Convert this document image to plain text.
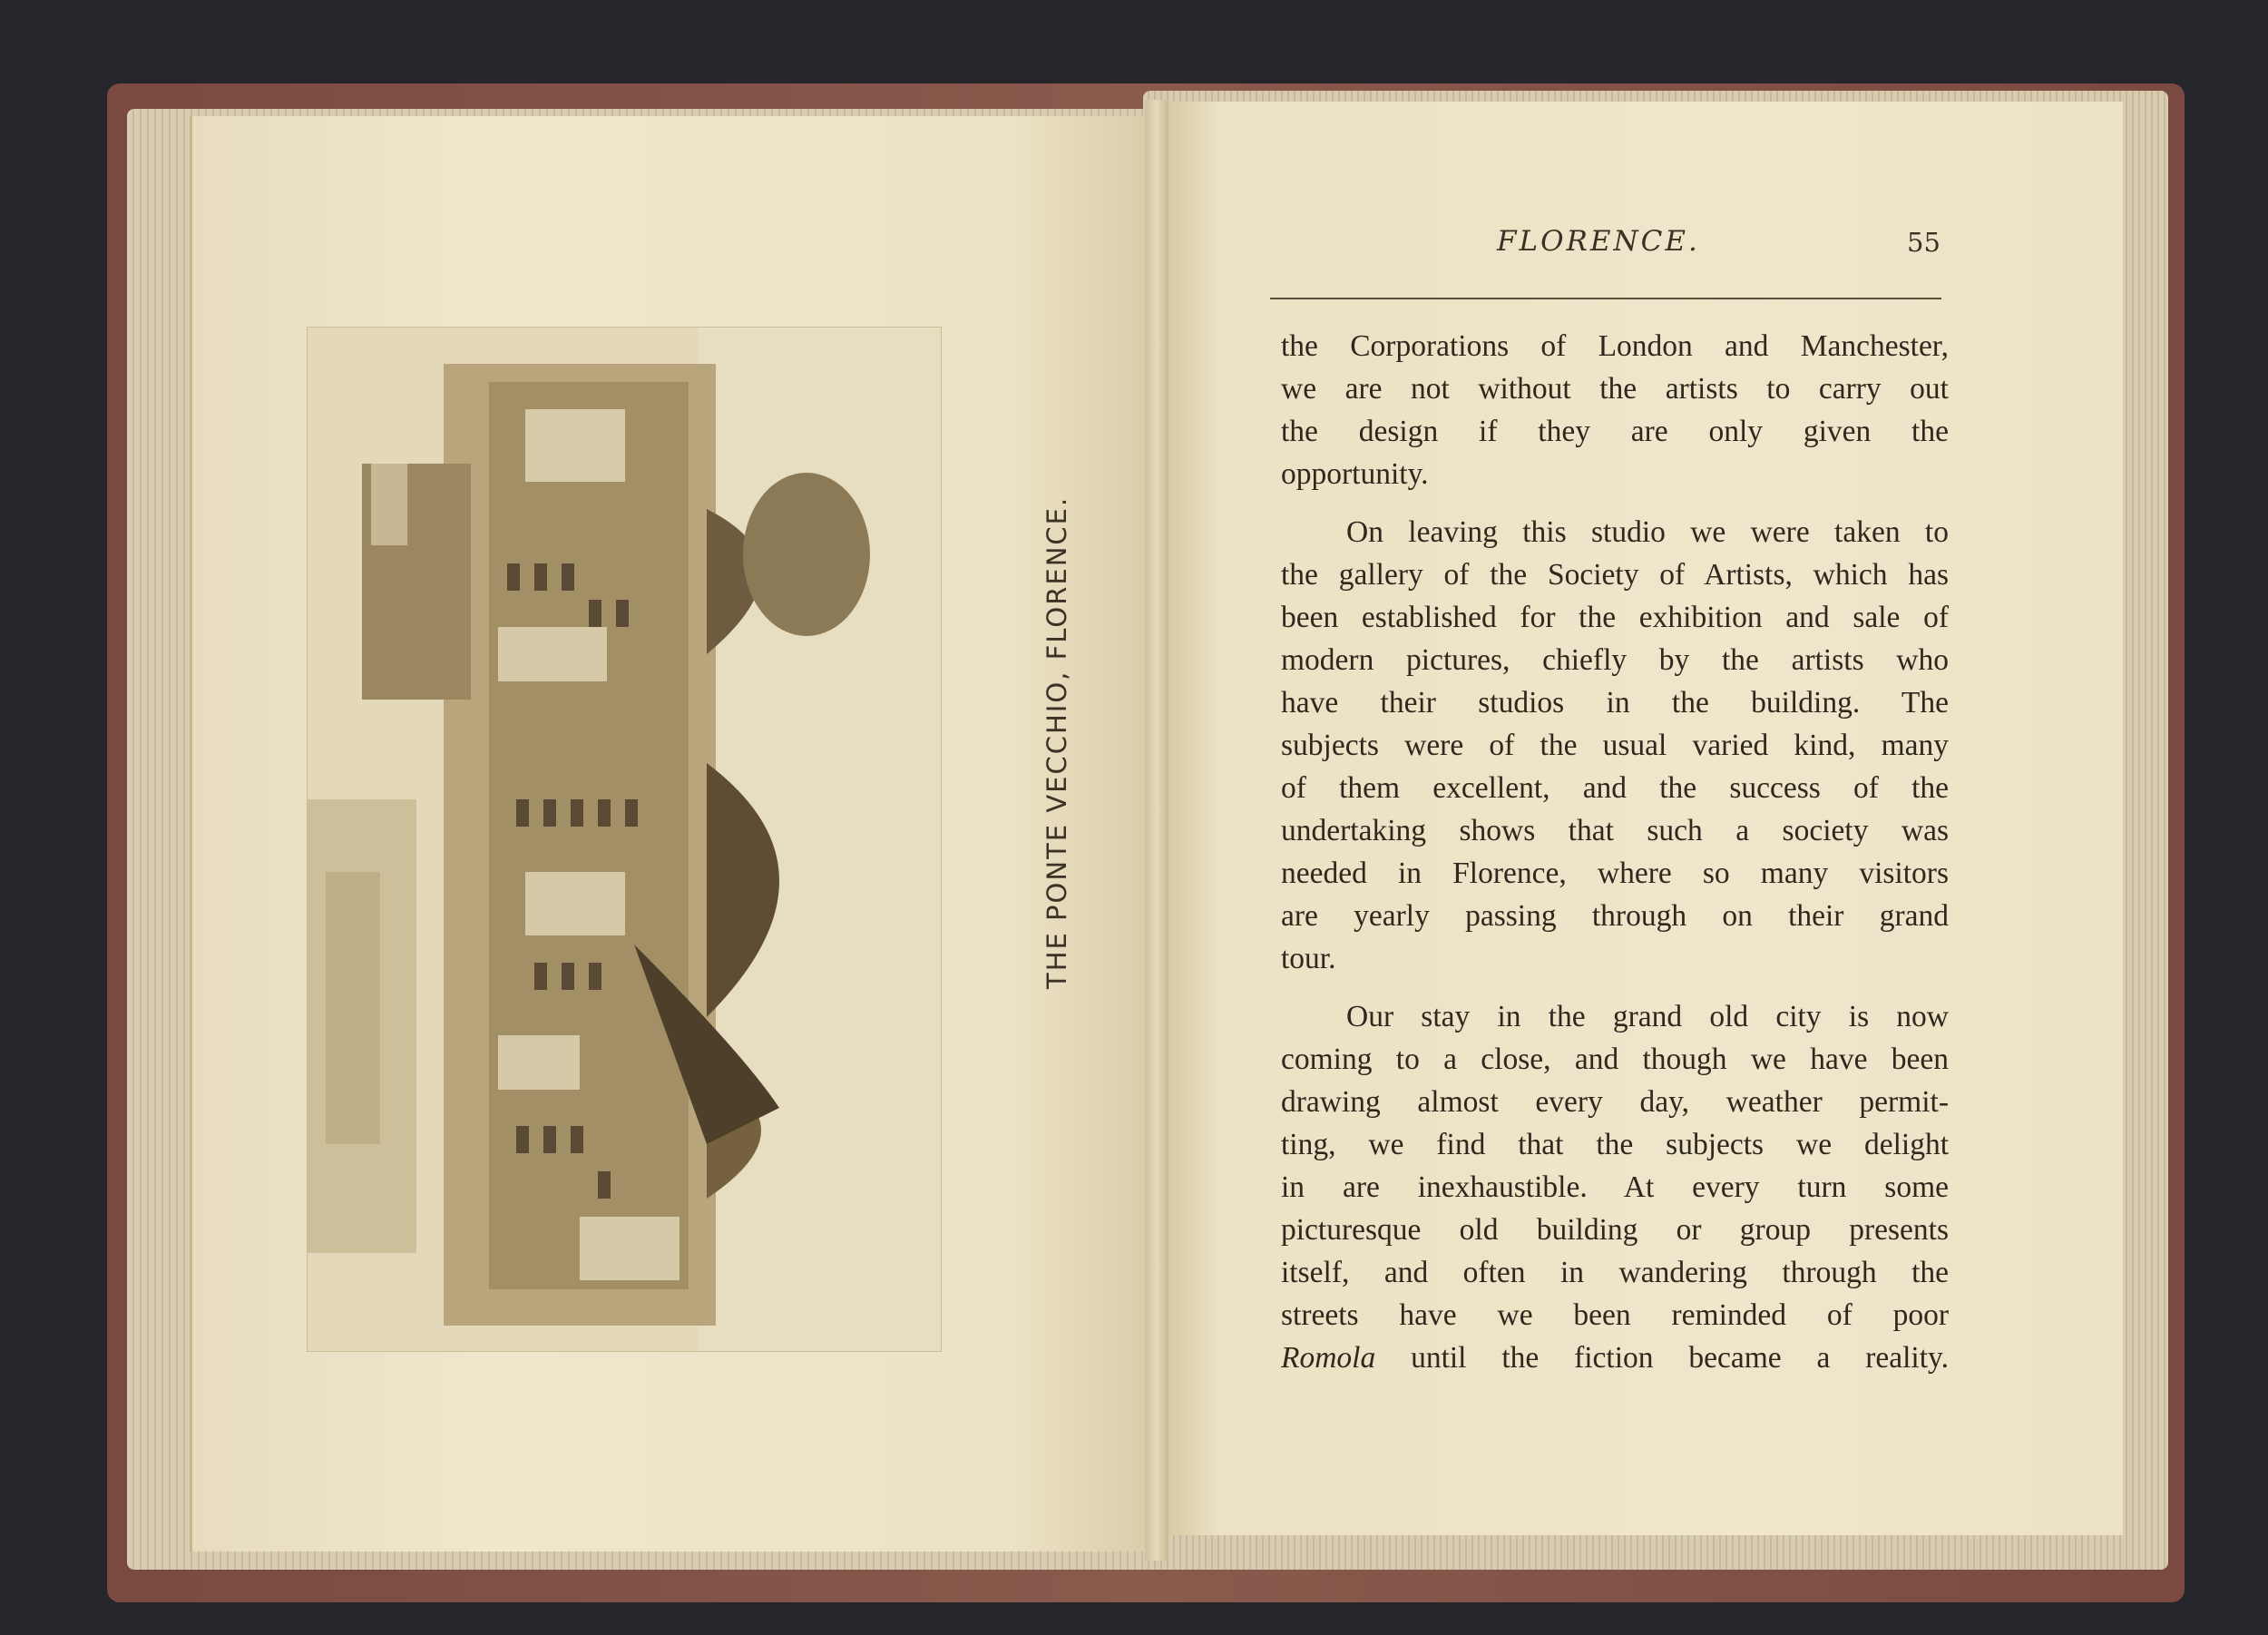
THE PONTE VECCHIO, FLORENCE.
FLORENCE.	55

the Corporations of London and Manchester,
we are not without the artists to carry out
the design if they are only given the
opportunity.

On leaving this studio we were taken to
the gallery of the Society of Artists, which has
been established for the exhibition and sale of
modern pictures, chiefly by the artists who
have their studios in the building. The
subjects were of the usual varied kind, many
of them excellent, and the success of the
undertaking shows that such a society was
needed in Florence, where so many visitors
are yearly passing through on their grand
tour.

Our stay in the grand old city is now
coming to a close, and though we have been
drawing almost every day, weather permit-
ting, we find that the subjects we delight
in are inexhaustible. At every turn some
picturesque old building or group presents
itself, and often in wandering through the
streets have we been reminded of poor
Romola until the fiction became a reality.
